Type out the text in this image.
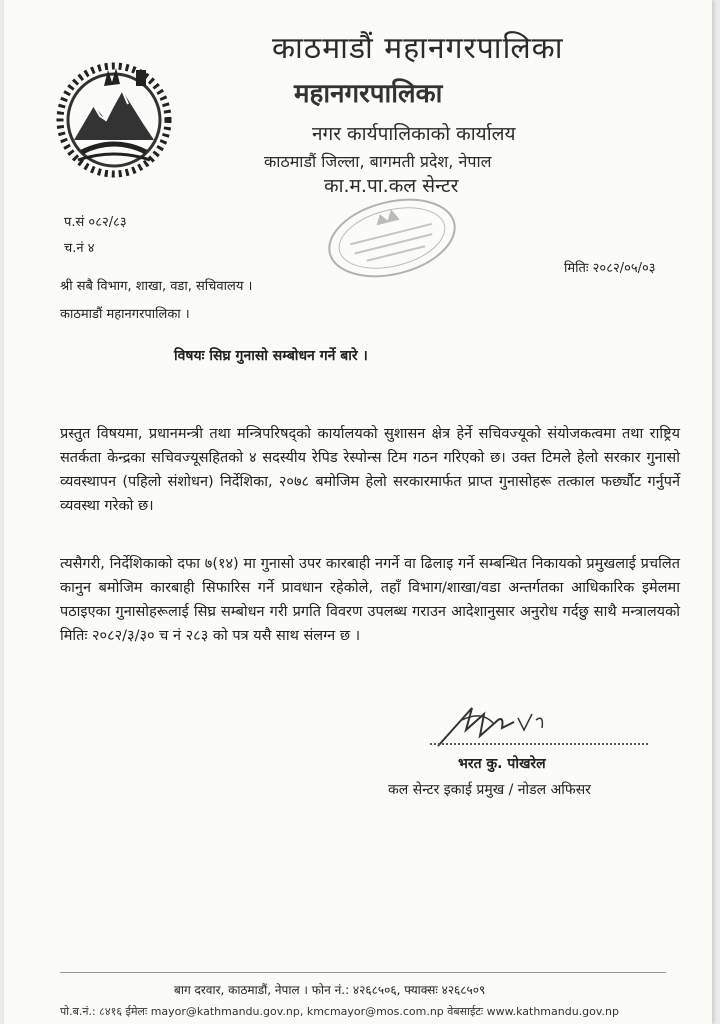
काठमाडौं महानगरपालिका
महानगरपालिका
नगर कार्यपालिकाको कार्यालय
काठमाडौं जिल्ला, बागमती प्रदेश, नेपाल
का.म.पा.कल सेन्टर
प.सं ०८२/८३
च.नं ४
मितिः २०८२/०५/०३
श्री सबै विभाग, शाखा, वडा, सचिवालय ।
काठमाडौं महानगरपालिका ।
विषयः सिघ्र गुनासो सम्बोधन गर्ने बारे ।
प्रस्तुत विषयमा, प्रधानमन्त्री तथा मन्त्रिपरिषद्को कार्यालयको सुशासन क्षेत्र हेर्ने सचिवज्यूको संयोजकत्वमा तथा राष्ट्रिय सतर्कता केन्द्रका सचिवज्यूसहितको ४ सदस्यीय रेपिड रेस्पोन्स टिम गठन गरिएको छ। उक्त टिमले हेलो सरकार गुनासो व्यवस्थापन (पहिलो संशोधन) निर्देशिका, २०७८ बमोजिम हेलो सरकारमार्फत प्राप्त गुनासोहरू तत्काल फर्छ्यौट गर्नुपर्ने व्यवस्था गरेको छ।
त्यसैगरी, निर्देशिकाको दफा ७(१४) मा गुनासो उपर कारबाही नगर्ने वा ढिलाइ गर्ने सम्बन्धित निकायको प्रमुखलाई प्रचलित कानुन बमोजिम कारबाही सिफारिस गर्ने प्रावधान रहेकोले, तहाँ विभाग/शाखा/वडा अन्तर्गतका आधिकारिक इमेलमा पठाइएका गुनासोहरूलाई सिघ्र सम्बोधन गरी प्रगति विवरण उपलब्ध गराउन आदेशानुसार अनुरोध गर्दछु साथै मन्त्रालयको मितिः २०८२/३/३० च नं २८३ को पत्र यसै साथ संलग्न छ ।
भरत कु. पोखरेल
कल सेन्टर इकाई प्रमुख / नोडल अफिसर
बाग दरवार, काठमाडौं, नेपाल । फोन नं.: ४२६८५०६, फ्याक्सः ४२६८५०९
पो.ब.नं.: ८४१६ ईमेलः mayor@kathmandu.gov.np, kmcmayor@mos.com.np वेबसाईटः www.kathmandu.gov.np
